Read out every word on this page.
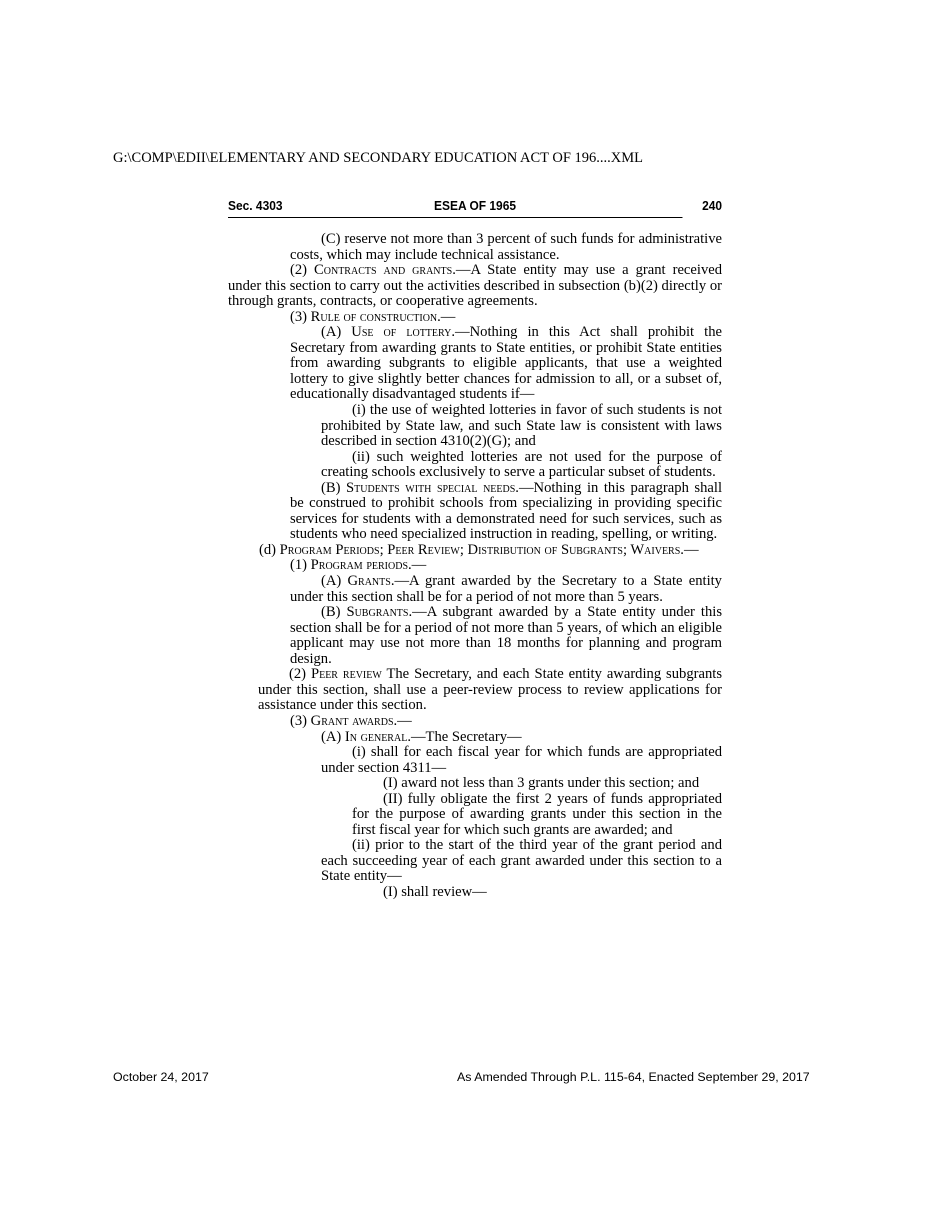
G:\COMP\EDII\ELEMENTARY AND SECONDARY EDUCATION ACT OF 196....XML
Sec. 4303	ESEA OF 1965	240

(C) reserve not more than 3 percent of such funds for administrative costs, which may include technical assistance.

(2) Contracts and grants.—A State entity may use a grant received under this section to carry out the activities described in subsection (b)(2) directly or through grants, contracts, or cooperative agreements.

(3) Rule of construction.—

(A) Use of lottery.—Nothing in this Act shall prohibit the Secretary from awarding grants to State entities, or prohibit State entities from awarding subgrants to eligible applicants, that use a weighted lottery to give slightly better chances for admission to all, or a subset of, educationally disadvantaged students if—

(i) the use of weighted lotteries in favor of such students is not prohibited by State law, and such State law is consistent with laws described in section 4310(2)(G); and

(ii) such weighted lotteries are not used for the purpose of creating schools exclusively to serve a particular subset of students.

(B) Students with special needs.—Nothing in this paragraph shall be construed to prohibit schools from specializing in providing specific services for students with a demonstrated need for such services, such as students who need specialized instruction in reading, spelling, or writing.

(d) Program Periods; Peer Review; Distribution of Subgrants; Waivers.—

(1) Program periods.—

(A) Grants.—A grant awarded by the Secretary to a State entity under this section shall be for a period of not more than 5 years.

(B) Subgrants.—A subgrant awarded by a State entity under this section shall be for a period of not more than 5 years, of which an eligible applicant may use not more than 18 months for planning and program design.

(2) Peer review The Secretary, and each State entity awarding subgrants under this section, shall use a peer-review process to review applications for assistance under this section.

(3) Grant awards.—

(A) In general.—The Secretary—

(i) shall for each fiscal year for which funds are appropriated under section 4311—

(I) award not less than 3 grants under this section; and

(II) fully obligate the first 2 years of funds appropriated for the purpose of awarding grants under this section in the first fiscal year for which such grants are awarded; and

(ii) prior to the start of the third year of the grant period and each succeeding year of each grant awarded under this section to a State entity—

(I) shall review—

October 24, 2017	As Amended Through P.L. 115-64, Enacted September 29, 2017
